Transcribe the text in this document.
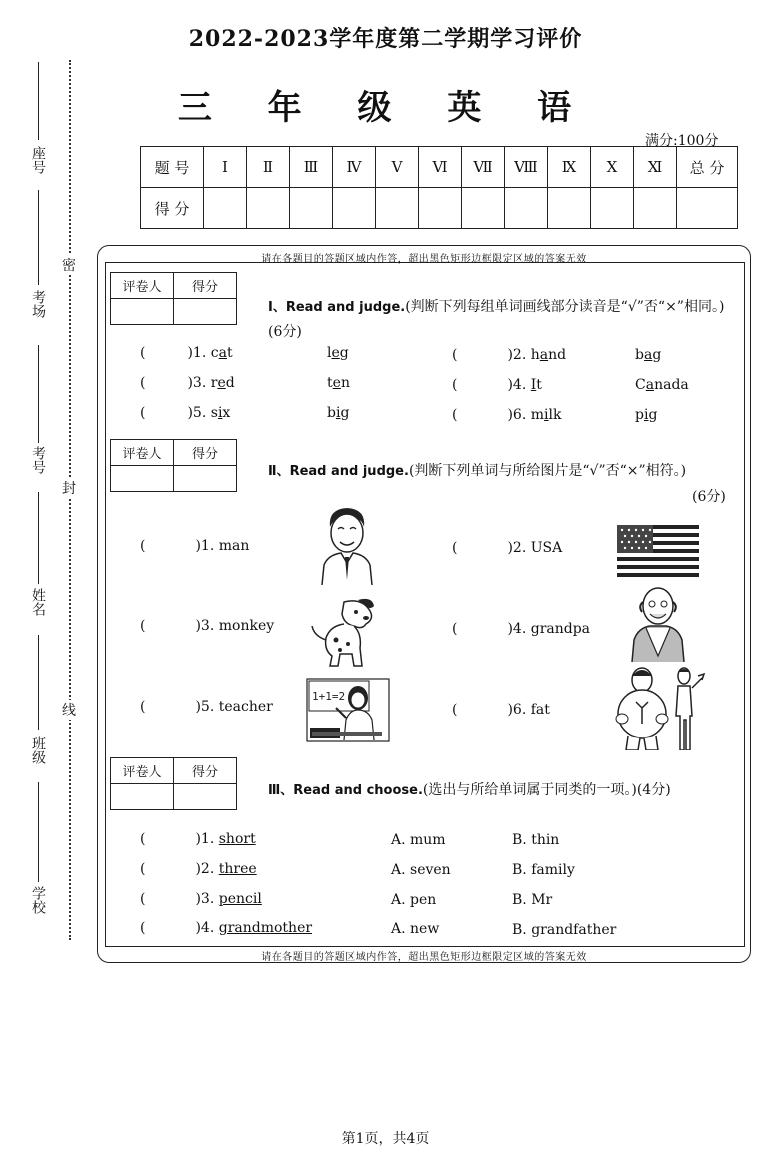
2022-2023学年度第二学期学习评价
三 年 级 英 语
满分:100分
题 号	Ⅰ	Ⅱ	Ⅲ	Ⅳ	Ⅴ	Ⅵ	Ⅶ	Ⅷ	Ⅸ	Ⅹ	Ⅺ	总 分
得 分												
密
封
线
座号
考场
考号
姓名
班级
学校
请在各题目的答题区域内作答，超出黑色矩形边框限定区域的答案无效
请在各题目的答题区域内作答，超出黑色矩形边框限定区域的答案无效
评卷人	得分

Ⅰ、Read and judge.(判断下列每组单词画线部分读音是“√”否“×”相同。)(6分)
(	)1. cat	leg	(	)2. hand	bag
(	)3. red	ten	(	)4. It	Canada
(	)5. six	big	(	)6. milk	pig
评卷人	得分

Ⅱ、Read and judge.(判断下列单词与所给图片是“√”否“×”相符。)
(6分)
(	)1. man	(	)2. USA
(	)3. monkey	(	)4. grandpa
(	)5. teacher	(	)6. fat
1+1=2
评卷人	得分

Ⅲ、Read and choose.(选出与所给单词属于同类的一项。)(4分)
(	)1. short	A. mum	B. thin
(	)2. three	A. seven	B. family
(	)3. pencil	A. pen	B. Mr
(	)4. grandmother	A. new	B. grandfather
第1页，共4页
